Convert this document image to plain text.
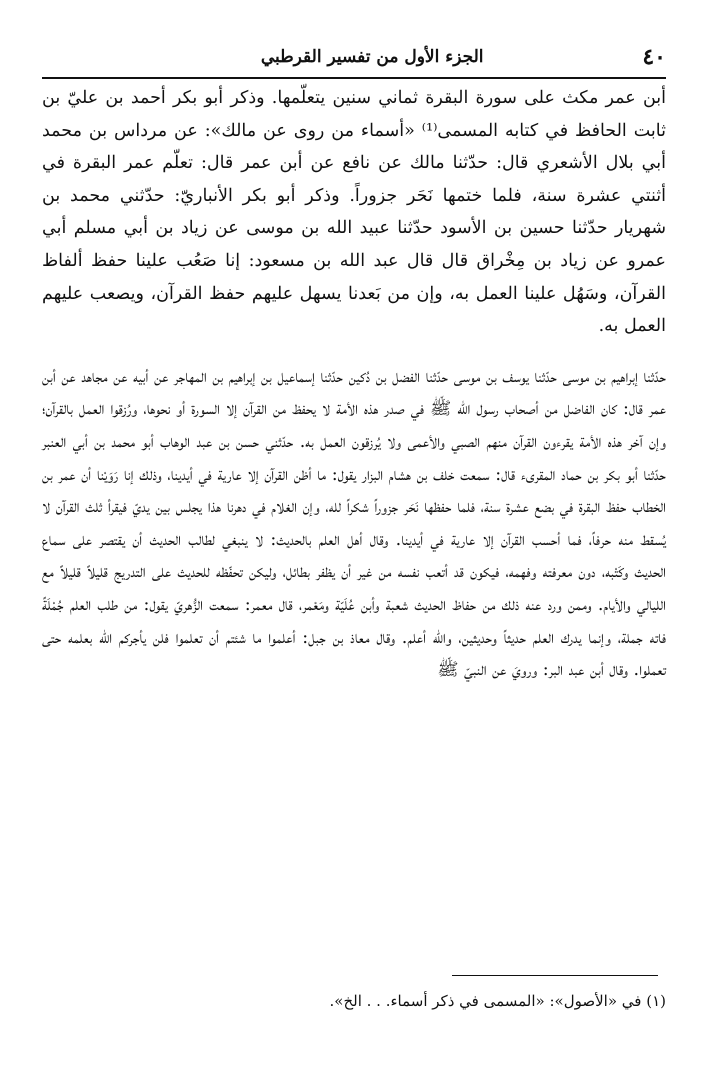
٤٠
الجزء الأول من تفسير القرطبي

أبن عمر مكث على سورة البقرة ثماني سنين يتعلّمها. وذكر أبو بكر أحمد بن عليّ بن ثابت الحافظ في كتابه المسمى⁽¹⁾ «أسماء من روى عن مالك»: عن مرداس بن محمد أبي بلال الأشعري قال: حدّثنا مالك عن نافع عن أبن عمر قال: تعلّم عمر البقرة في أثنتي عشرة سنة، فلما ختمها نَحَر جزوراً. وذكر أبو بكر الأنباريّ: حدّثني محمد بن شهريار حدّثنا حسين بن الأسود حدّثنا عبيد الله بن موسى عن زياد بن أبي مسلم أبي عمرو عن زياد بن مِخْراق قال قال عبد الله بن مسعود: إنا صَعُب علينا حفظ ألفاظ القرآن، وسَهُل علينا العمل به، وإن من بَعدنا يسهل عليهم حفظ القرآن، ويصعب عليهم العمل به.

حدّثنا إبراهيم بن موسى حدّثنا يوسف بن موسى حدّثنا الفضل بن دُكين حدّثنا إسماعيل بن إبراهيم بن المهاجر عن أبيه عن مجاهد عن أبن عمر قال: كان الفاضل من أصحاب رسول الله ﷺ في صدر هذه الأمة لا يحفظ من القرآن إلا السورة أو نحوها، ورُزقوا العمل بالقرآن؛ وإن آخر هذه الأمة يقرءون القرآن منهم الصبي والأعمى ولا يُرزقون العمل به. حدّثني حسن بن عبد الوهاب أبو محمد بن أبي العنبر حدّثنا أبو بكر بن حماد المقرىء قال: سمعت خلف بن هشام البزار يقول: ما أظن القرآن إلا عارية في أيدينا، وذلك إنا رَوَيْنا أن عمر بن الخطاب حفظ البقرة في بضع عشرة سنة، فلما حفظها نَحَر جزوراً شكراً لله، وإن الغلام في دهرنا هذا يجلس بين يديّ فيقرأ ثلث القرآن لا يُسقط منه حرفاً، فما أحسب القرآن إلا عارية في أيدينا. وقال أهل العلم بالحديث: لا ينبغي لطالب الحديث أن يقتصر على سماع الحديث وكَتْبه، دون معرفته وفهمه، فيكون قد أتعب نفسه من غير أن يظفر بطائل، وليكن تحفّظه للحديث على التدريج قليلاً قليلاً مع الليالي والأيام. وممن ورد عنه ذلك من حفاظ الحديث شعبة وأبن عُلَيّة ومَعْمر، قال معمر: سمعت الزُّهريّ يقول: من طلب العلم جُمْلَةً فاته جملة، وإنما يدرك العلم حديثاً وحديثين، والله أعلم. وقال معاذ بن جبل: أعلموا ما شئتم أن تعلموا فلن يأجركم الله بعلمه حتى تعملوا. وقال أبن عبد البر: ورويَ عن النبيّ ﷺ

(١) في «الأصول»: «المسمى في ذكر أسماء. . . الخ».
